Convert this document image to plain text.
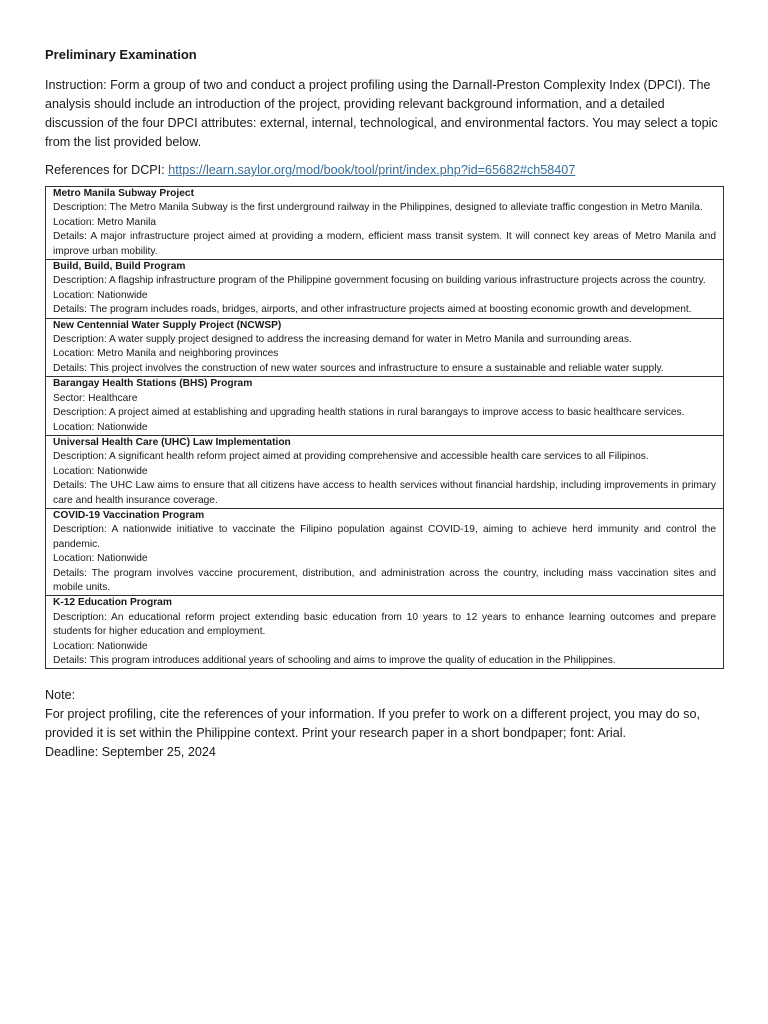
Preliminary Examination

Instruction: Form a group of two and conduct a project profiling using the Darnall-Preston Complexity Index (DPCI). The analysis should include an introduction of the project, providing relevant background information, and a detailed discussion of the four DPCI attributes: external, internal, technological, and environmental factors. You may select a topic from the list provided below.

References for DCPI: https://learn.saylor.org/mod/book/tool/print/index.php?id=65682#ch58407

Metro Manila Subway Project
Description: The Metro Manila Subway is the first underground railway in the Philippines, designed to alleviate traffic congestion in Metro Manila.
Location: Metro Manila
Details: A major infrastructure project aimed at providing a modern, efficient mass transit system. It will connect key areas of Metro Manila and improve urban mobility.

Build, Build, Build Program
Description: A flagship infrastructure program of the Philippine government focusing on building various infrastructure projects across the country.
Location: Nationwide
Details: The program includes roads, bridges, airports, and other infrastructure projects aimed at boosting economic growth and development.

New Centennial Water Supply Project (NCWSP)
Description: A water supply project designed to address the increasing demand for water in Metro Manila and surrounding areas.
Location: Metro Manila and neighboring provinces
Details: This project involves the construction of new water sources and infrastructure to ensure a sustainable and reliable water supply.

Barangay Health Stations (BHS) Program
Sector: Healthcare
Description: A project aimed at establishing and upgrading health stations in rural barangays to improve access to basic healthcare services.
Location: Nationwide

Universal Health Care (UHC) Law Implementation
Description: A significant health reform project aimed at providing comprehensive and accessible health care services to all Filipinos.
Location: Nationwide
Details: The UHC Law aims to ensure that all citizens have access to health services without financial hardship, including improvements in primary care and health insurance coverage.

COVID-19 Vaccination Program
Description: A nationwide initiative to vaccinate the Filipino population against COVID-19, aiming to achieve herd immunity and control the pandemic.
Location: Nationwide
Details: The program involves vaccine procurement, distribution, and administration across the country, including mass vaccination sites and mobile units.

K-12 Education Program
Description: An educational reform project extending basic education from 10 years to 12 years to enhance learning outcomes and prepare students for higher education and employment.
Location: Nationwide
Details: This program introduces additional years of schooling and aims to improve the quality of education in the Philippines.
Note:
For project profiling, cite the references of your information. If you prefer to work on a different project, you may do so, provided it is set within the Philippine context. Print your research paper in a short bondpaper; font: Arial.
Deadline: September 25, 2024
